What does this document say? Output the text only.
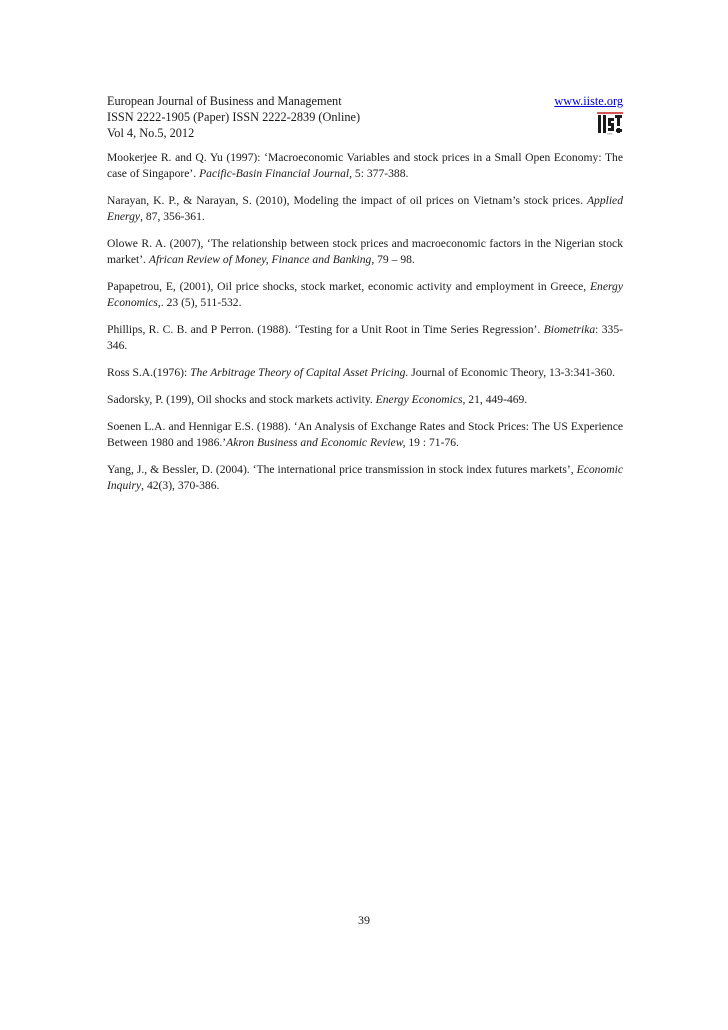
European Journal of Business and Management	www.iiste.org
ISSN 2222-1905 (Paper) ISSN 2222-2839 (Online)
Vol 4, No.5, 2012	IISTE

Mookerjee R. and Q. Yu (1997): ‘Macroeconomic Variables and stock prices in a Small Open Economy: The case of Singapore’. Pacific-Basin Financial Journal, 5: 377-388.

Narayan, K. P., & Narayan, S. (2010), Modeling the impact of oil prices on Vietnam’s stock prices. Applied Energy, 87, 356-361.

Olowe R. A. (2007), ‘The relationship between stock prices and macroeconomic factors in the Nigerian stock market’. African Review of Money, Finance and Banking, 79 – 98.

Papapetrou, E, (2001), Oil price shocks, stock market, economic activity and employment in Greece, Energy Economics,. 23 (5), 511-532.

Phillips, R. C. B. and P Perron. (1988). ‘Testing for a Unit Root in Time Series Regression’. Biometrika: 335-346.

Ross S.A.(1976): The Arbitrage Theory of Capital Asset Pricing. Journal of Economic Theory, 13-3:341-360.

Sadorsky, P. (199), Oil shocks and stock markets activity. Energy Economics, 21, 449-469.

Soenen L.A. and Hennigar E.S. (1988). ‘An Analysis of Exchange Rates and Stock Prices: The US Experience Between 1980 and 1986.’Akron Business and Economic Review, 19 : 71-76.

Yang, J., & Bessler, D. (2004). ‘The international price transmission in stock index futures markets’, Economic Inquiry, 42(3), 370-386.

39
